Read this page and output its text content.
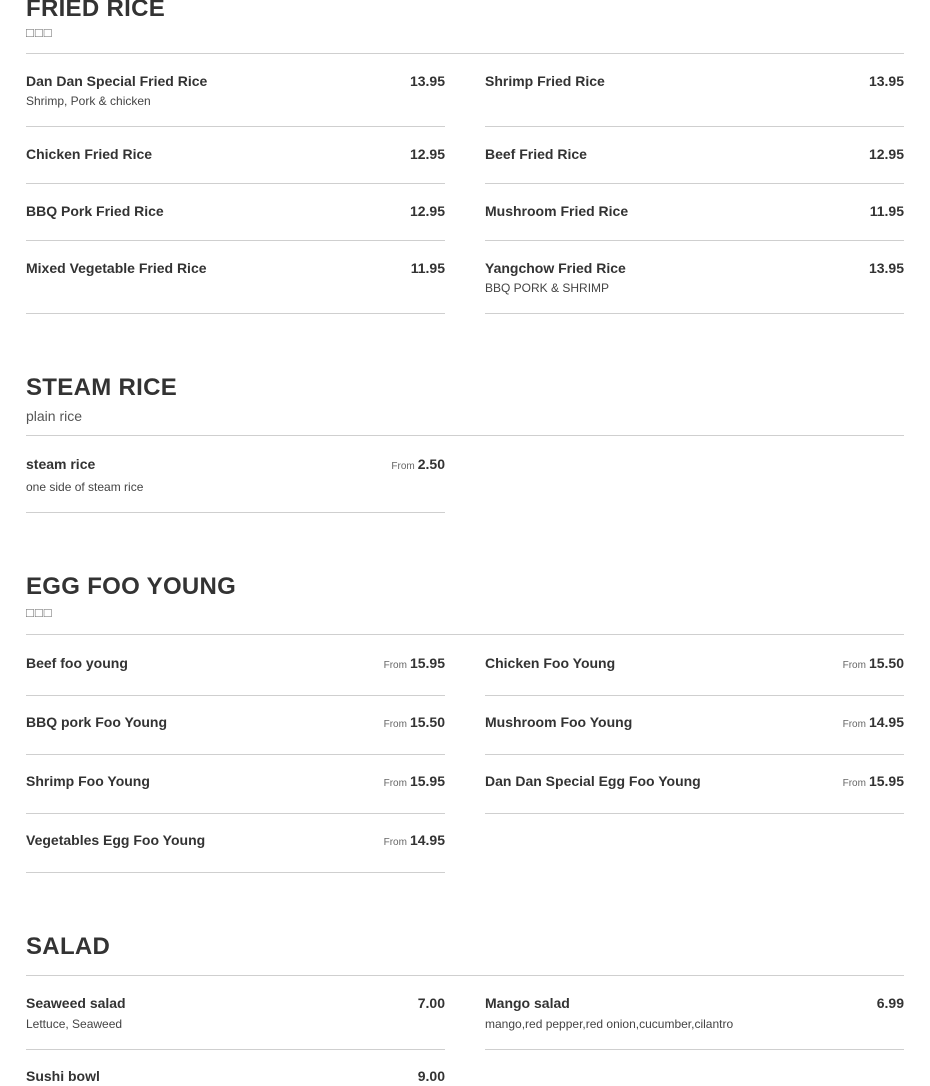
FRIED RICE
□□□
Dan Dan Special Fried Rice	13.95
Shrimp, Pork & chicken
Shrimp Fried Rice	13.95
Chicken Fried Rice	12.95	Beef Fried Rice	12.95
BBQ Pork Fried Rice	12.95	Mushroom Fried Rice	11.95
Mixed Vegetable Fried Rice	11.95	Yangchow Fried Rice	13.95
BBQ PORK & SHRIMP
STEAM RICE
plain rice
steam rice	From 2.50
one side of steam rice
EGG FOO YOUNG
□□□
Beef foo young	From 15.95	Chicken Foo Young	From 15.50
BBQ pork Foo Young	From 15.50	Mushroom Foo Young	From 14.95
Shrimp Foo Young	From 15.95	Dan Dan Special Egg Foo Young	From 15.95
Vegetables Egg Foo Young	From 14.95
SALAD
Seaweed salad	7.00
Lettuce, Seaweed
Mango salad	6.99
mango,red pepper,red onion,cucumber,cilantro
Sushi bowl	9.00
